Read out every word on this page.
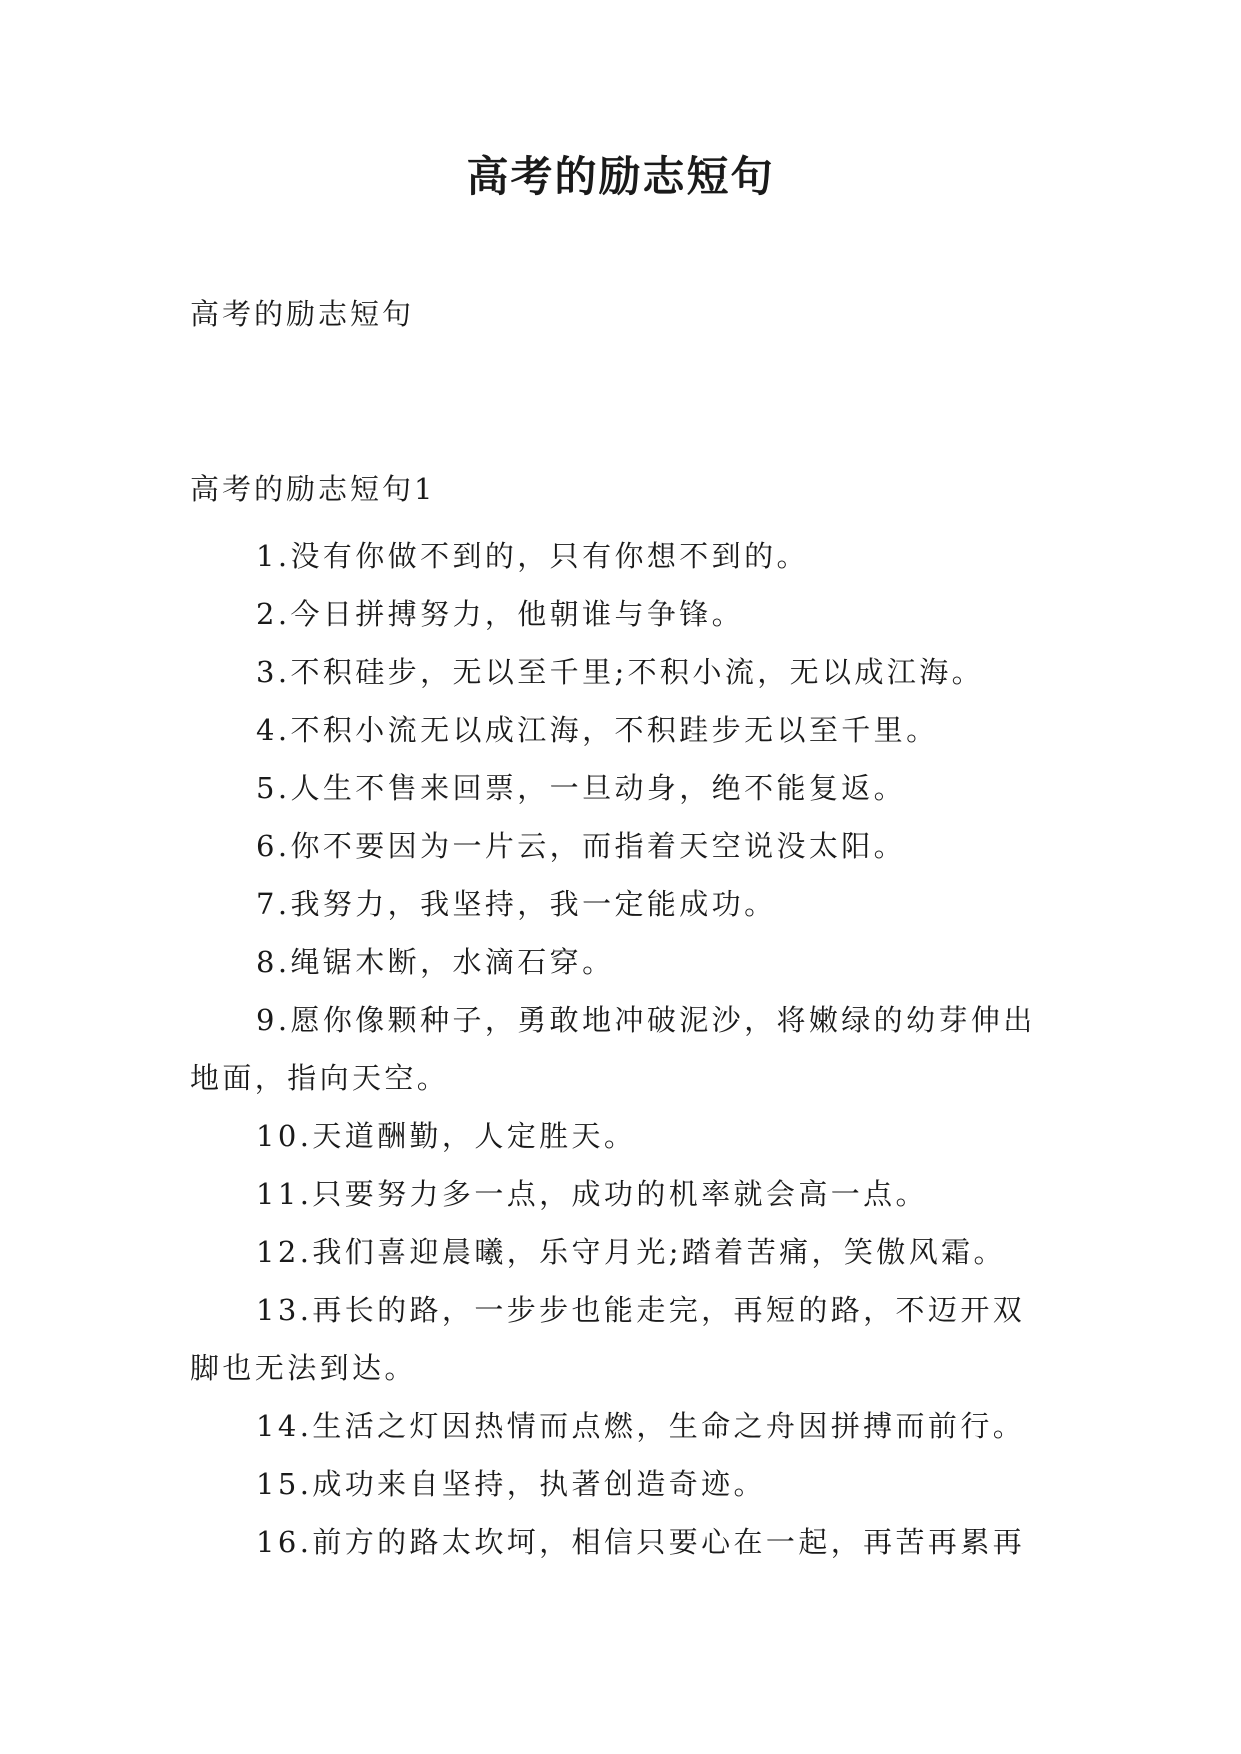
高考的励志短句

高考的励志短句

高考的励志短句1

1.没有你做不到的，只有你想不到的。
2.今日拼搏努力，他朝谁与争锋。
3.不积硅步，无以至千里;不积小流，无以成江海。
4.不积小流无以成江海，不积跬步无以至千里。
5.人生不售来回票，一旦动身，绝不能复返。
6.你不要因为一片云，而指着天空说没太阳。
7.我努力，我坚持，我一定能成功。
8.绳锯木断，水滴石穿。
9.愿你像颗种子，勇敢地冲破泥沙，将嫩绿的幼芽伸出地面，指向天空。
10.天道酬勤，人定胜天。
11.只要努力多一点，成功的机率就会高一点。
12.我们喜迎晨曦，乐守月光;踏着苦痛，笑傲风霜。
13.再长的路，一步步也能走完，再短的路，不迈开双脚也无法到达。
14.生活之灯因热情而点燃，生命之舟因拼搏而前行。
15.成功来自坚持，执著创造奇迹。
16.前方的路太坎坷，相信只要心在一起，再苦再累再
